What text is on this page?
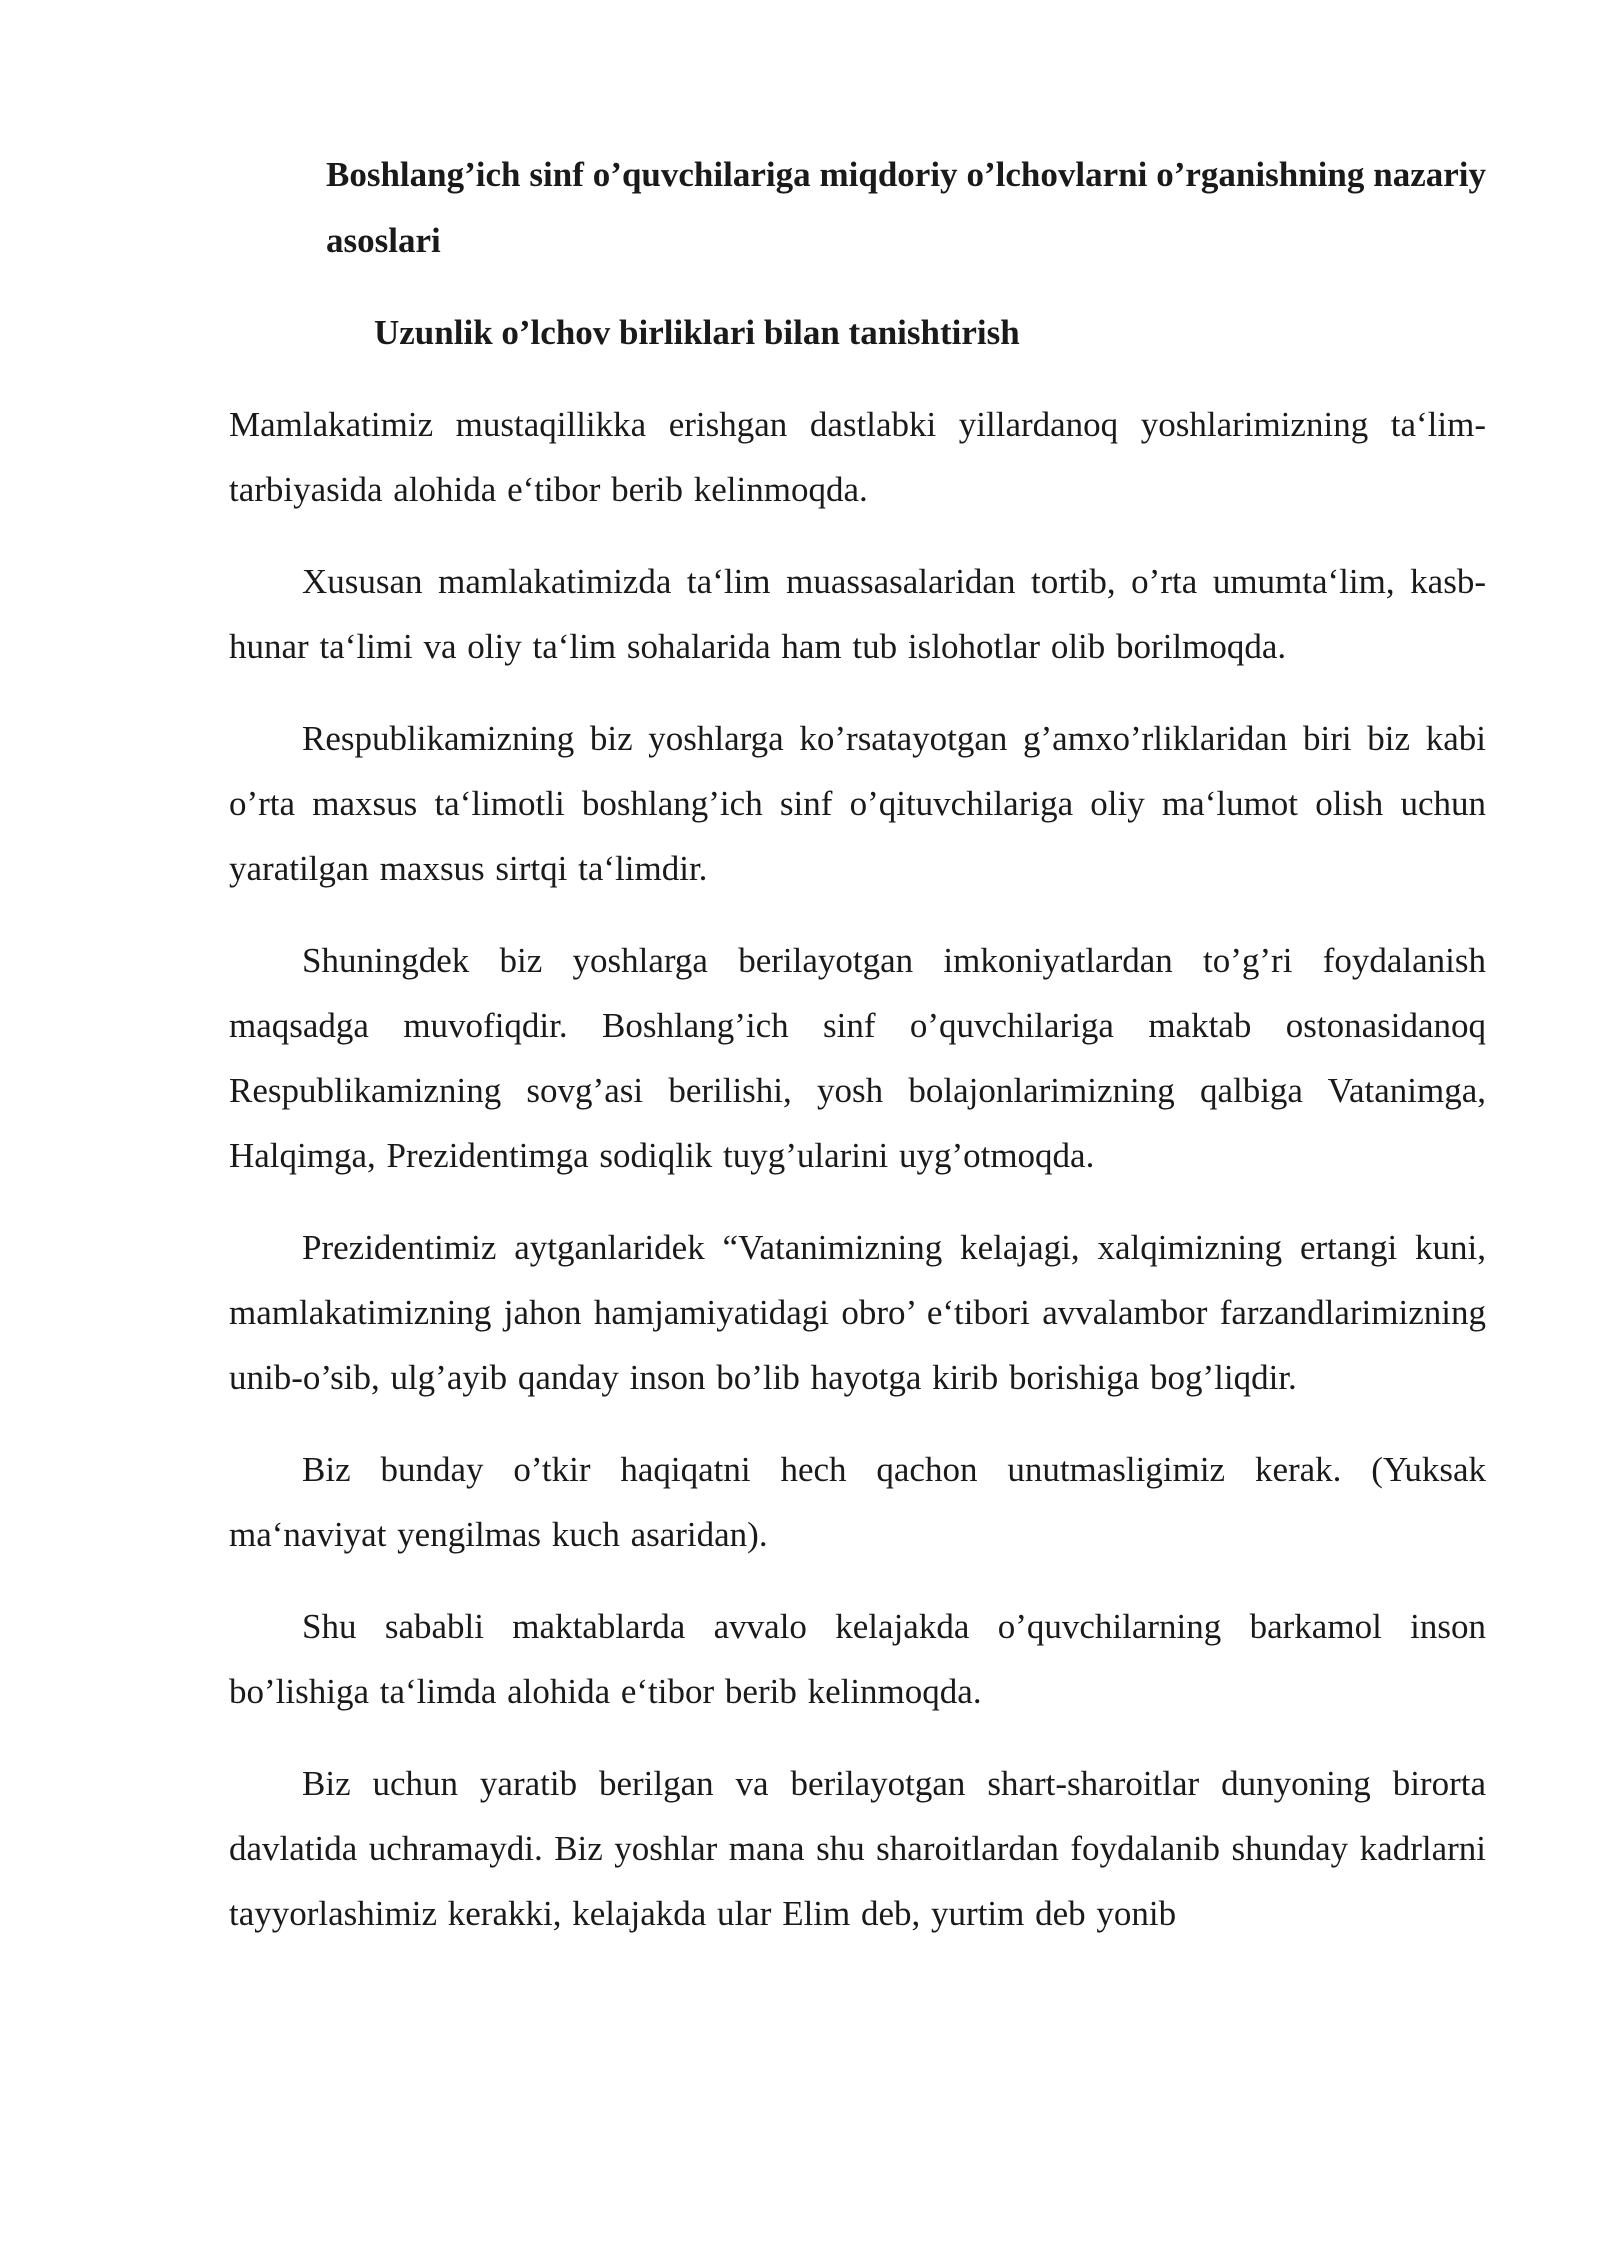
Boshlang’ich sinf o’quvchilariga miqdoriy o’lchovlarni o’rganishning nazariy asoslari
Uzunlik o’lchov birliklari bilan tanishtirish

Mamlakatimiz mustaqillikka erishgan dastlabki yillardanoq yoshlarimizning ta‘lim-tarbiyasida alohida e‘tibor berib kelinmoqda.

Xususan mamlakatimizda ta‘lim muassasalaridan tortib, o’rta umumta‘lim, kasb-hunar ta‘limi va oliy ta‘lim sohalarida ham tub islohotlar olib borilmoqda.

Respublikamizning biz yoshlarga ko’rsatayotgan g’amxo’rliklaridan biri biz kabi o’rta maxsus ta‘limotli boshlang’ich sinf o’qituvchilariga oliy ma‘lumot olish uchun yaratilgan maxsus sirtqi ta‘limdir.

Shuningdek biz yoshlarga berilayotgan imkoniyatlardan to’g’ri foydalanish maqsadga muvofiqdir. Boshlang’ich sinf o’quvchilariga maktab ostonasidanoq Respublikamizning sovg’asi berilishi, yosh bolajonlarimizning qalbiga Vatanimga, Halqimga, Prezidentimga sodiqlik tuyg’ularini uyg’otmoqda.

Prezidentimiz aytganlaridek “Vatanimizning kelajagi, xalqimizning ertangi kuni, mamlakatimizning jahon hamjamiyatidagi obro’ e‘tibori avvalambor farzandlarimizning unib-o’sib, ulg’ayib qanday inson bo’lib hayotga kirib borishiga bog’liqdir.

Biz bunday o’tkir haqiqatni hech qachon unutmasligimiz kerak. (Yuksak ma‘naviyat yengilmas kuch asaridan).

Shu sababli maktablarda avvalo kelajakda o’quvchilarning barkamol inson bo’lishiga ta‘limda alohida e‘tibor berib kelinmoqda.

Biz uchun yaratib berilgan va berilayotgan shart-sharoitlar dunyoning birorta davlatida uchramaydi. Biz yoshlar mana shu sharoitlardan foydalanib shunday kadrlarni tayyorlashimiz kerakki, kelajakda ular Elim deb, yurtim deb yonib
